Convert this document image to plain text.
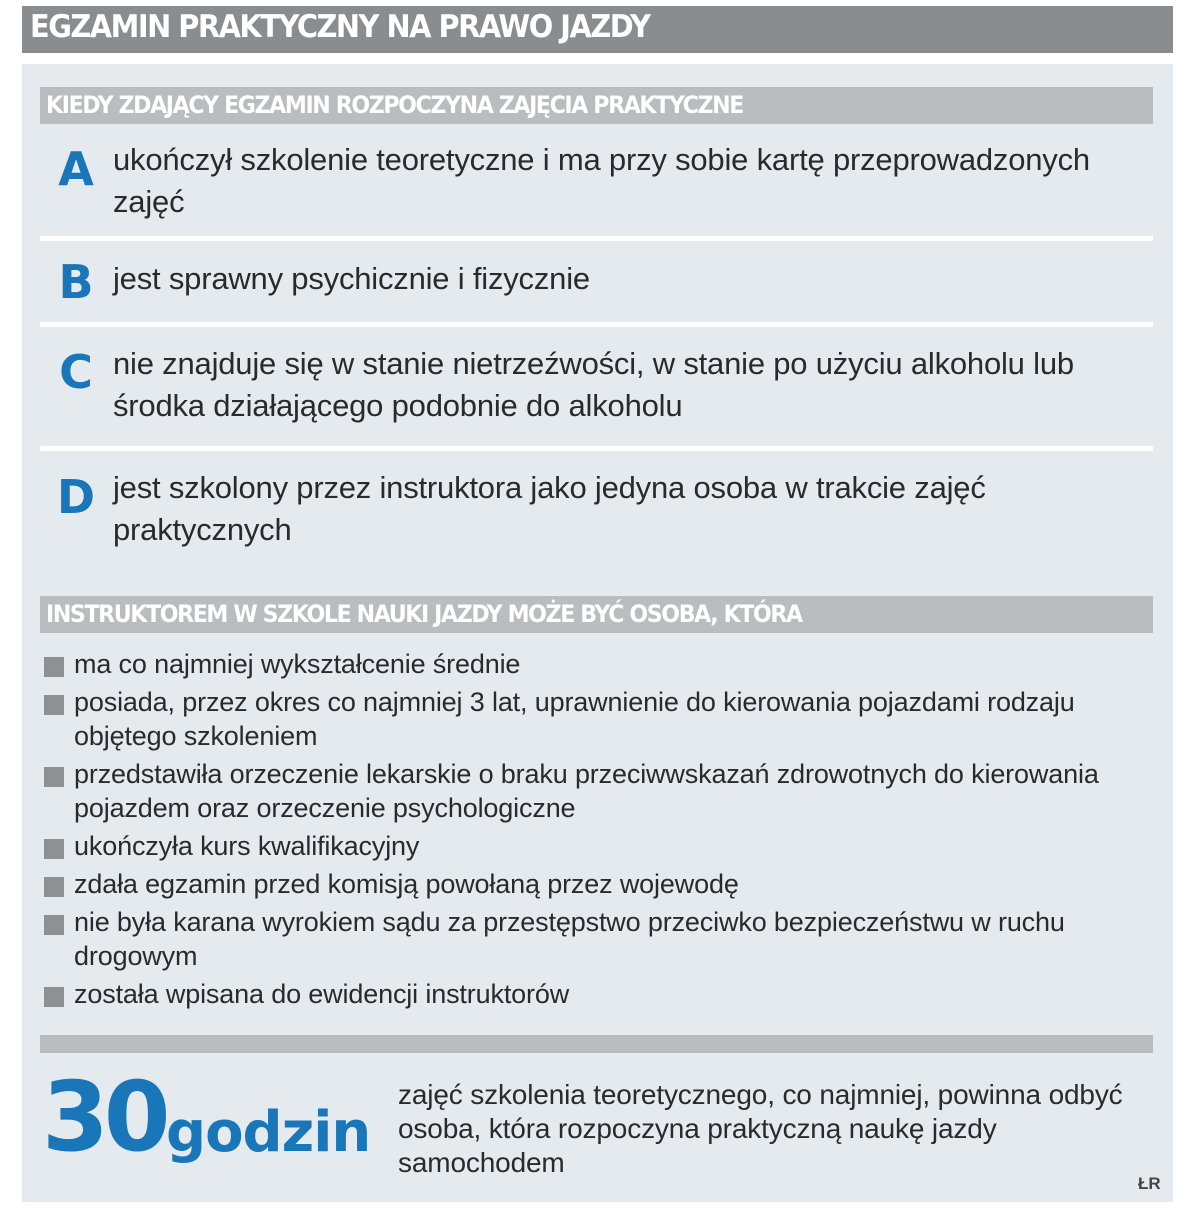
EGZAMIN PRAKTYCZNY NA PRAWO JAZDY
KIEDY ZDAJĄCY EGZAMIN ROZPOCZYNA ZAJĘCIA PRAKTYCZNE
A ukończył szkolenie teoretyczne i ma przy sobie kartę przeprowadzonych zajęć
B jest sprawny psychicznie i fizycznie
C nie znajduje się w stanie nietrzeźwości, w stanie po użyciu alkoholu lub środka działającego podobnie do alkoholu
D jest szkolony przez instruktora jako jedyna osoba w trakcie zajęć praktycznych
INSTRUKTOREM W SZKOLE NAUKI JAZDY MOŻE BYĆ OSOBA, KTÓRA
ma co najmniej wykształcenie średnie
posiada, przez okres co najmniej 3 lat, uprawnienie do kierowania pojazdami rodzaju objętego szkoleniem
przedstawiła orzeczenie lekarskie o braku przeciwwskazań zdrowotnych do kierowania pojazdem oraz orzeczenie psychologiczne
ukończyła kurs kwalifikacyjny
zdała egzamin przed komisją powołaną przez wojewodę
nie była karana wyrokiem sądu za przestępstwo przeciwko bezpieczeństwu w ruchu drogowym
została wpisana do ewidencji instruktorów
30 godzin
zajęć szkolenia teoretycznego, co najmniej, powinna odbyć osoba, która rozpoczyna praktyczną naukę jazdy samochodem
ŁR
